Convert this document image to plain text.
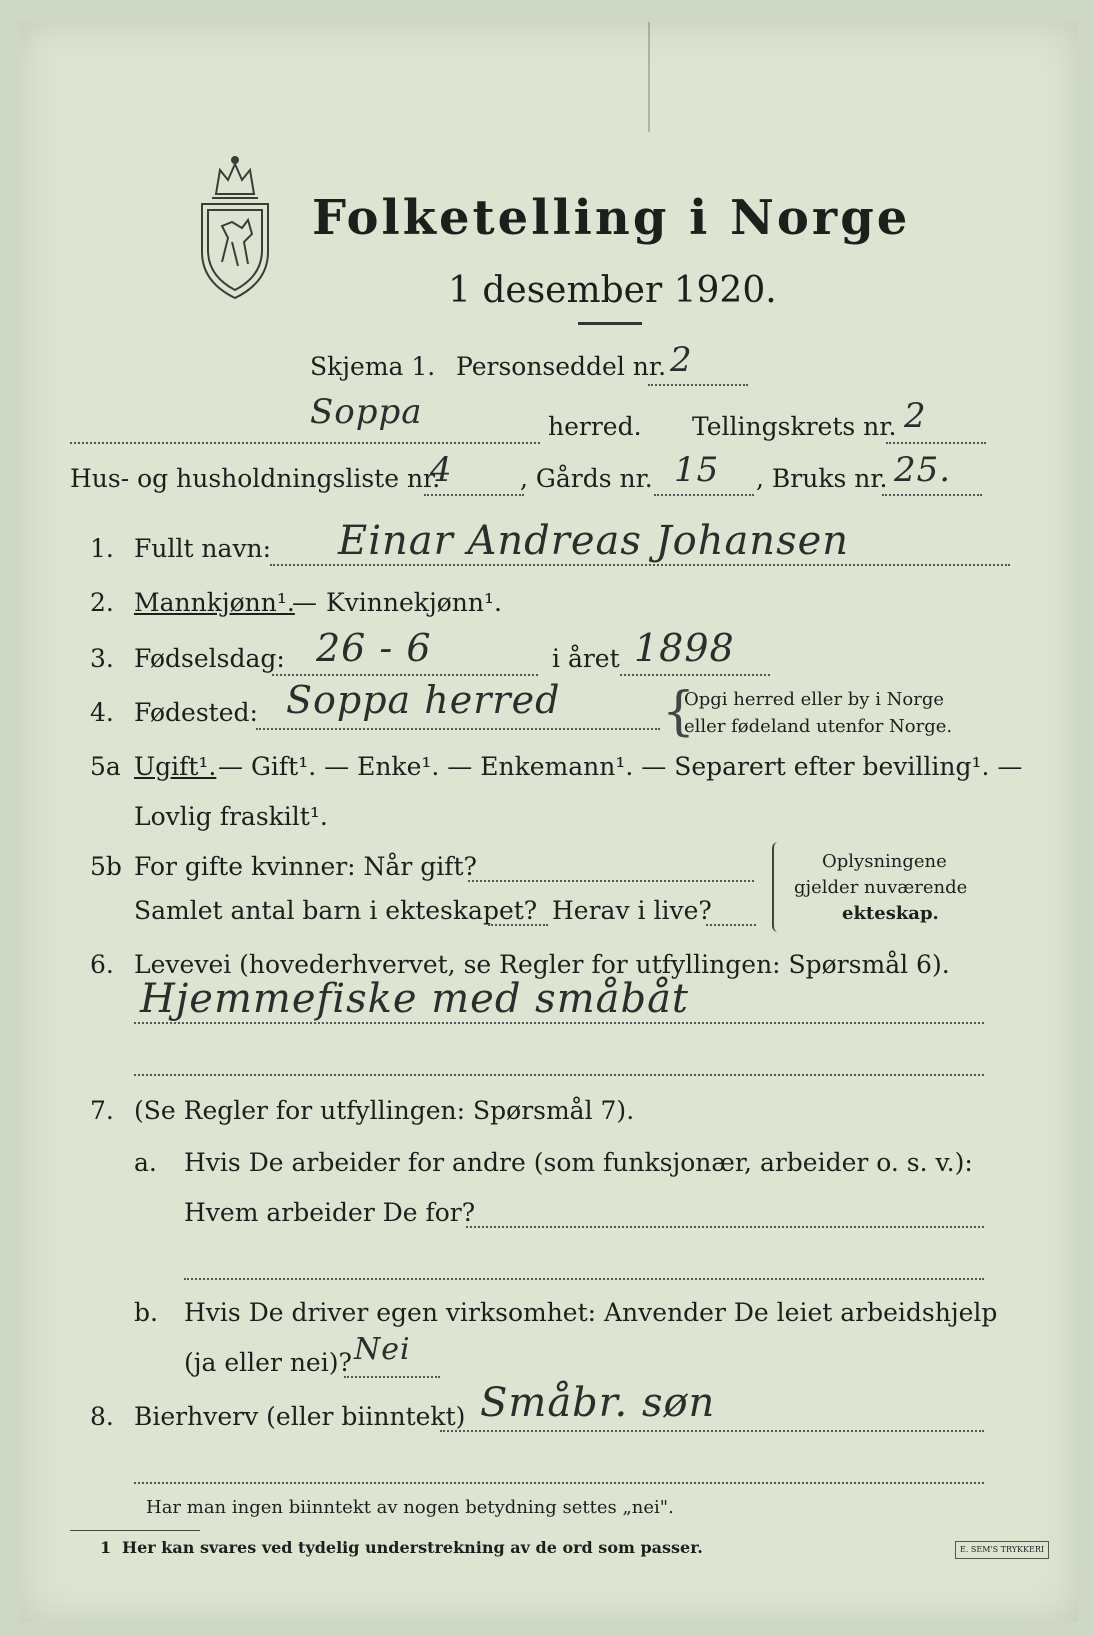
Folketelling i Norge
1 desember 1920.
Skjema 1. Personseddel nr. 2
Soppa	herred. Tellingskrets nr. 2
Hus- og husholdningsliste nr.
4	, Gårds nr. 15 , Bruks nr. 25.
1. Fullt navn: Einar Andreas Johansen
2. Mannkjønn¹.
— Kvinnekjønn¹.
3. Fødselsdag: 26 - 6	i året 1898
4. Fødested: Soppa herred {
Opgi herred eller by i Norge
eller fødeland utenfor Norge.
5a Ugift¹. — Gift¹. — Enke¹. — Enkemann¹. — Separert efter bevilling¹. —
Lovlig fraskilt¹.
5b For gifte kvinner: Når gift?
Samlet antal barn i ekteskapet? Herav i live?
Oplysningene
gjelder nuværende
ekteskap.
6. Levevei (hovederhvervet, se Regler for utfyllingen: Spørsmål 6).
Hjemmefiske med småbåt
7. (Se Regler for utfyllingen: Spørsmål 7).
a. Hvis De arbeider for andre (som funksjonær, arbeider o. s. v.):
Hvem arbeider De for?
b. Hvis De driver egen virksomhet: Anvender De leiet arbeidshjelp
(ja eller nei)? Nei
8. Bierhverv (eller biinntekt) Småbr. søn
Har man ingen biinntekt av nogen betydning settes „nei".
1 Her kan svares ved tydelig understrekning av de ord som passer.	E. SEM'S TRYKKERI
